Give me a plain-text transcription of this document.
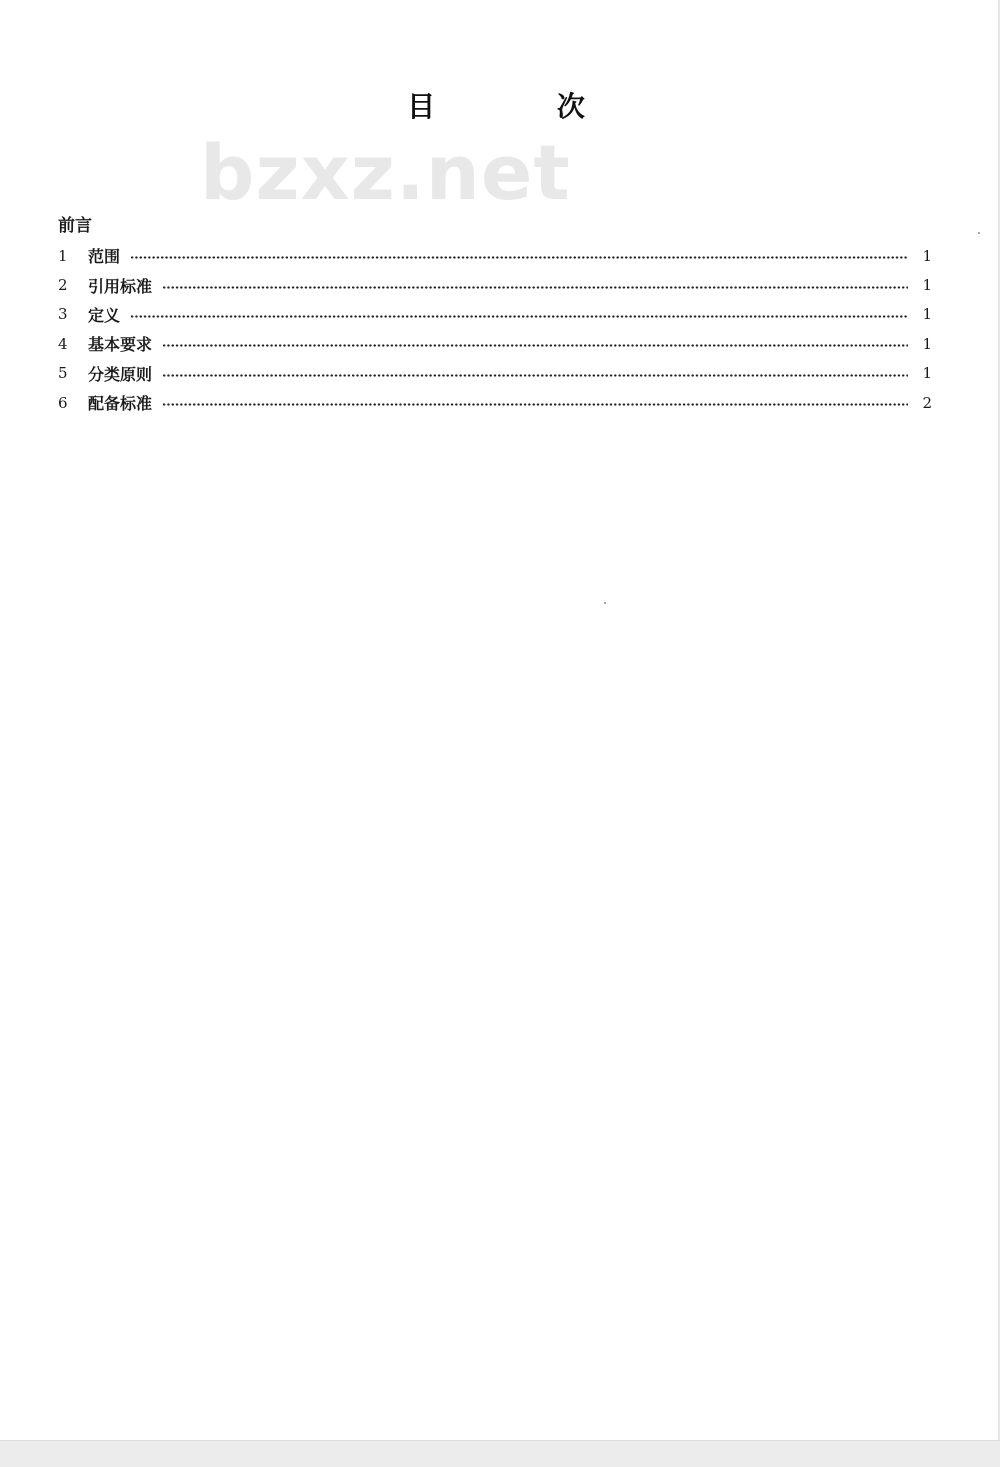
目 次
bzxz.net
前言
1	范围	1
2	引用标准	1
3	定义	1
4	基本要求	1
5	分类原则	1
6	配备标准	2
